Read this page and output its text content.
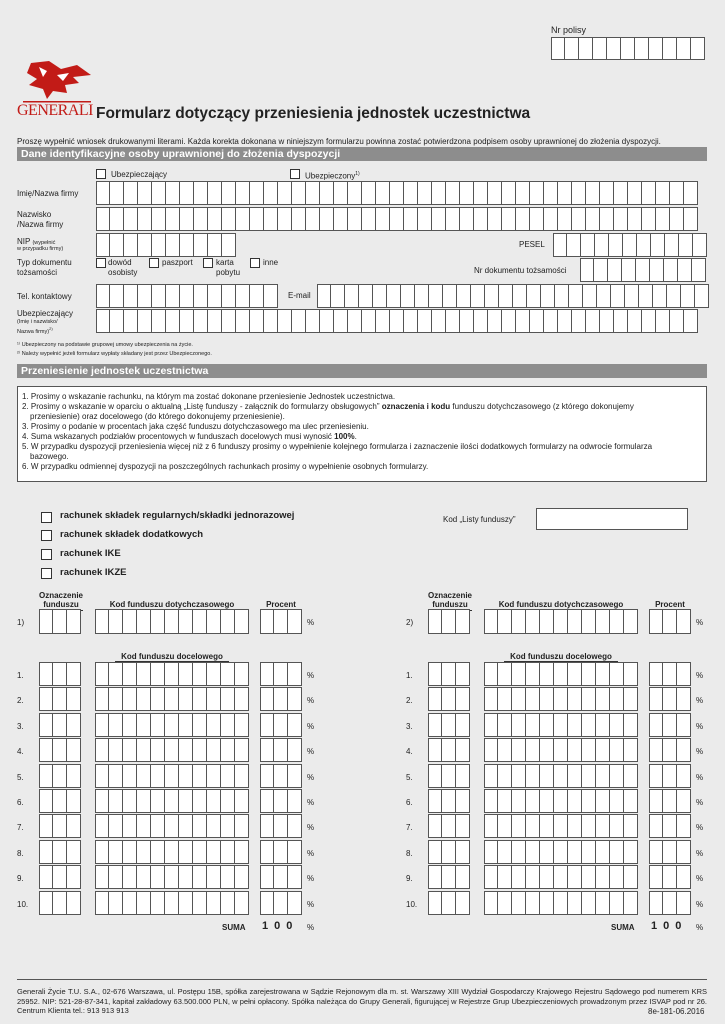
Nr polisy
GENERALI Formularz dotyczący przeniesienia jednostek uczestnictwa
Proszę wypełnić wniosek drukowanymi literami. Każda korekta dokonana w niniejszym formularzu powinna zostać potwierdzona podpisem osoby uprawnionej do złożenia dyspozycji.
Dane identyfikacyjne osoby uprawnionej do złożenia dyspozycji
Ubezpieczający	Ubezpieczony$^{1)}$
Imię/Nazwa firmy
Nazwisko
/Nazwa firmy
NIP (wypełnić
w przypadku firmy)	PESEL
Typ dokumentu
tożsamości
dowód
osobisty
paszport	karta
pobytu
inne
Nr dokumentu tożsamości
Tel. kontaktowy	E-mail
Ubezpieczający
(Imię i nazwisko/
Nazwa firmy)$^{2)}$
¹⁾ Ubezpieczony na podstawie grupowej umowy ubezpieczenia na życie.
²⁾ Należy wypełnić jeżeli formularz wypłaty składany jest przez Ubezpieczonego.
Przeniesienie jednostek uczestnictwa

1. Prosimy o wskazanie rachunku, na którym ma zostać dokonane przeniesienie Jednostek uczestnictwa.

2. Prosimy o wskazanie w oparciu o aktualną „Listę funduszy - załącznik do formularzy obsługowych” oznaczenia i kodu funduszu dotychczasowego (z którego dokonujemy

przeniesienie) oraz docelowego (do którego dokonujemy przeniesienie).

3. Prosimy o podanie w procentach jaka część funduszu dotychczasowego ma ulec przeniesieniu.

4. Suma wskazanych podziałów procentowych w funduszach docelowych musi wynosić 100%.

5. W przypadku dyspozycji przeniesienia więcej niż z 6 funduszy prosimy o wypełnienie kolejnego formularza i zaznaczenie ilości dodatkowych formularzy na odwrocie formularza

bazowego.

6. W przypadku odmiennej dyspozycji na poszczególnych rachunkach prosimy o wypełnienie osobnych formularzy.

rachunek składek regularnych/składki jednorazowej
rachunek składek dodatkowych
rachunek IKE
rachunek IKZE
Kod „Listy funduszy”
Oznaczenie funduszu	Kod funduszu dotychczasowego	Procent
1)	%
Kod funduszu docelowego
1.	%
2.	%
3.	%
4.	%
5.	%
6.	%
7.	%
8.	%
9.	%
10.	%
SUMA 100 %
Oznaczenie funduszu	Kod funduszu dotychczasowego	Procent
2)	%
Kod funduszu docelowego
1.	%
2.	%
3.	%
4.	%
5.	%
6.	%
7.	%
8.	%
9.	%
10.	%
SUMA 100 %
Generali Życie T.U. S.A., 02-676 Warszawa, ul. Postępu 15B, spółka zarejestrowana w Sądzie Rejonowym dla m. st. Warszawy XIII Wydział Gospodarczy Krajowego Rejestru Sądowego pod numerem KRS 25952. NIP: 521-28-87-341, kapitał zakładowy 63.500.000 PLN, w pełni opłacony. Spółka należąca do Grupy Generali, figurującej w Rejestrze Grup Ubezpieczeniowych prowadzonym przez ISVAP pod nr 26. Centrum Klienta tel.: 913 913 913	8e-181-06.2016
